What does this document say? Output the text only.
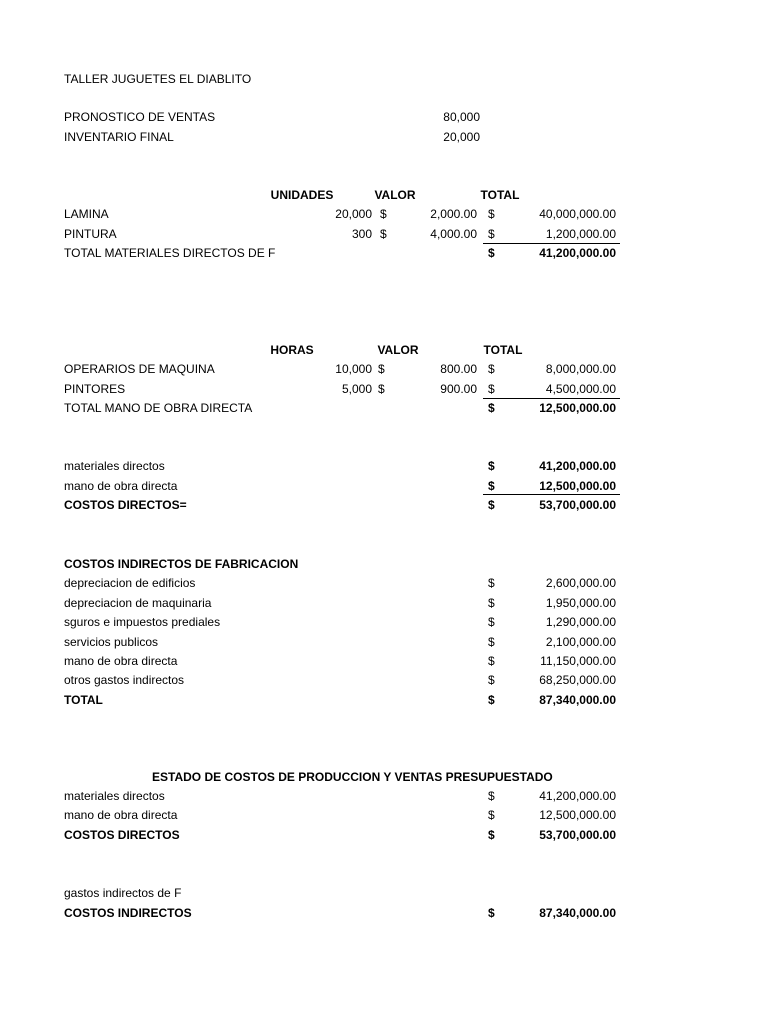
TALLER JUGUETES EL DIABLITO
PRONOSTICO DE VENTAS	80,000
INVENTARIO FINAL	20,000
UNIDADES	VALOR	TOTAL
LAMINA	20,000 $	2,000.00 $	40,000,000.00
PINTURA	300 $	4,000.00 $	1,200,000.00
TOTAL MATERIALES DIRECTOS DE F	$	41,200,000.00
HORAS	VALOR	TOTAL
OPERARIOS DE MAQUINA	10,000 $	800.00 $	8,000,000.00
PINTORES	5,000 $	900.00 $	4,500,000.00
TOTAL MANO DE OBRA DIRECTA	$	12,500,000.00
materiales directos	$	41,200,000.00
mano de obra directa	$	12,500,000.00
COSTOS DIRECTOS=	$	53,700,000.00
COSTOS INDIRECTOS DE FABRICACION
depreciacion de edificios	$	2,600,000.00
depreciacion de maquinaria	$	1,950,000.00
sguros e impuestos prediales	$	1,290,000.00
servicios publicos	$	2,100,000.00
mano de obra directa	$	11,150,000.00
otros gastos indirectos	$	68,250,000.00
TOTAL	$	87,340,000.00
ESTADO DE COSTOS DE PRODUCCION Y VENTAS PRESUPUESTADO
materiales directos	$	41,200,000.00
mano de obra directa	$	12,500,000.00
COSTOS DIRECTOS	$	53,700,000.00
gastos indirectos de F
COSTOS INDIRECTOS	$	87,340,000.00
